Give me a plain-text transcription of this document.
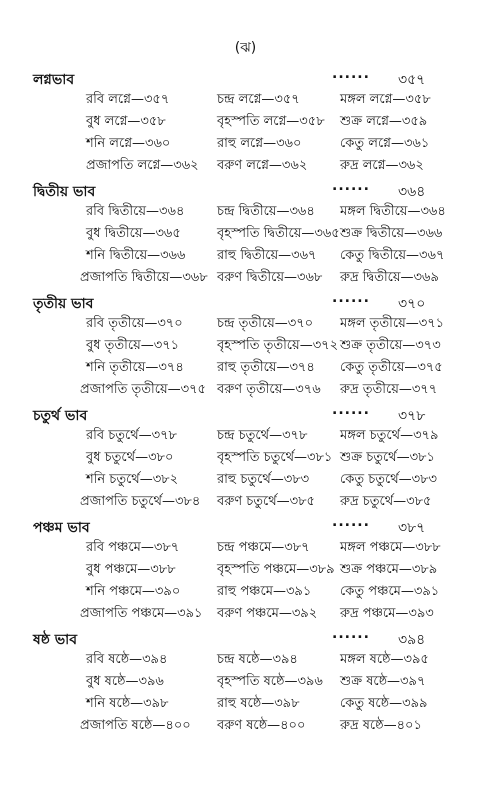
(ঝ)
লগ্নভাব	...... ৩৫৭
রবি লগ্নে—৩৫৭	চন্দ্র লগ্নে—৩৫৭	মঙ্গল লগ্নে—৩৫৮
বুধ লগ্নে—৩৫৮	বৃহস্পতি লগ্নে—৩৫৮ শুক্র লগ্নে—৩৫৯
শনি লগ্নে—৩৬০	রাহু লগ্নে—৩৬০	কেতু লগ্নে—৩৬১
প্রজাপতি লগ্নে—৩৬২ বরুণ লগ্নে—৩৬২	রুদ্র লগ্নে—৩৬২
দ্বিতীয় ভাব	...... ৩৬৪
রবি দ্বিতীয়ে—৩৬৪	চন্দ্র দ্বিতীয়ে—৩৬৪ মঙ্গল দ্বিতীয়ে—৩৬৪
বুধ দ্বিতীয়ে—৩৬৫	বৃহস্পতি দ্বিতীয়ে—৩৬৫ শুক্র দ্বিতীয়ে—৩৬৬
শনি দ্বিতীয়ে—৩৬৬ রাহু দ্বিতীয়ে—৩৬৭ কেতু দ্বিতীয়ে—৩৬৭
প্রজাপতি দ্বিতীয়ে—৩৬৮ বরুণ দ্বিতীয়ে—৩৬৮ রুদ্র দ্বিতীয়ে—৩৬৯
তৃতীয় ভাব	...... ৩৭০
রবি তৃতীয়ে—৩৭০	চন্দ্র তৃতীয়ে—৩৭০ মঙ্গল তৃতীয়ে—৩৭১
বুধ তৃতীয়ে—৩৭১	বৃহস্পতি তৃতীয়ে—৩৭২ শুক্র তৃতীয়ে—৩৭৩
শনি তৃতীয়ে—৩৭৪	রাহু তৃতীয়ে—৩৭৪ কেতু তৃতীয়ে—৩৭৫
প্রজাপতি তৃতীয়ে—৩৭৫ বরুণ তৃতীয়ে—৩৭৬ রুদ্র তৃতীয়ে—৩৭৭
চতুর্থ ভাব	...... ৩৭৮
রবি চতুর্থে—৩৭৮	চন্দ্র চতুর্থে—৩৭৮	মঙ্গল চতুর্থে—৩৭৯
বুধ চতুর্থে—৩৮০	বৃহস্পতি চতুর্থে—৩৮১ শুক্র চতুর্থে—৩৮১
শনি চতুর্থে—৩৮২	রাহু চতুর্থে—৩৮৩ কেতু চতুর্থে—৩৮৩
প্রজাপতি চতুর্থে—৩৮৪ বরুণ চতুর্থে—৩৮৫ রুদ্র চতুর্থে—৩৮৫
পঞ্চম ভাব	...... ৩৮৭
রবি পঞ্চমে—৩৮৭	চন্দ্র পঞ্চমে—৩৮৭ মঙ্গল পঞ্চমে—৩৮৮
বুধ পঞ্চমে—৩৮৮	বৃহস্পতি পঞ্চমে—৩৮৯ শুক্র পঞ্চমে—৩৮৯
শনি পঞ্চমে—৩৯০	রাহু পঞ্চমে—৩৯১ কেতু পঞ্চমে—৩৯১
প্রজাপতি পঞ্চমে—৩৯১ বরুণ পঞ্চমে—৩৯২ রুদ্র পঞ্চমে—৩৯৩
ষষ্ঠ ভাব	...... ৩৯৪
রবি ষষ্ঠে—৩৯৪	চন্দ্র ষষ্ঠে—৩৯৪	মঙ্গল ষষ্ঠে—৩৯৫
বুধ ষষ্ঠে—৩৯৬	বৃহস্পতি ষষ্ঠে—৩৯৬ শুক্র ষষ্ঠে—৩৯৭
শনি ষষ্ঠে—৩৯৮	রাহু ষষ্ঠে—৩৯৮	কেতু ষষ্ঠে—৩৯৯
প্রজাপতি ষষ্ঠে—৪০০ বরুণ ষষ্ঠে—৪০০	রুদ্র ষষ্ঠে—৪০১
